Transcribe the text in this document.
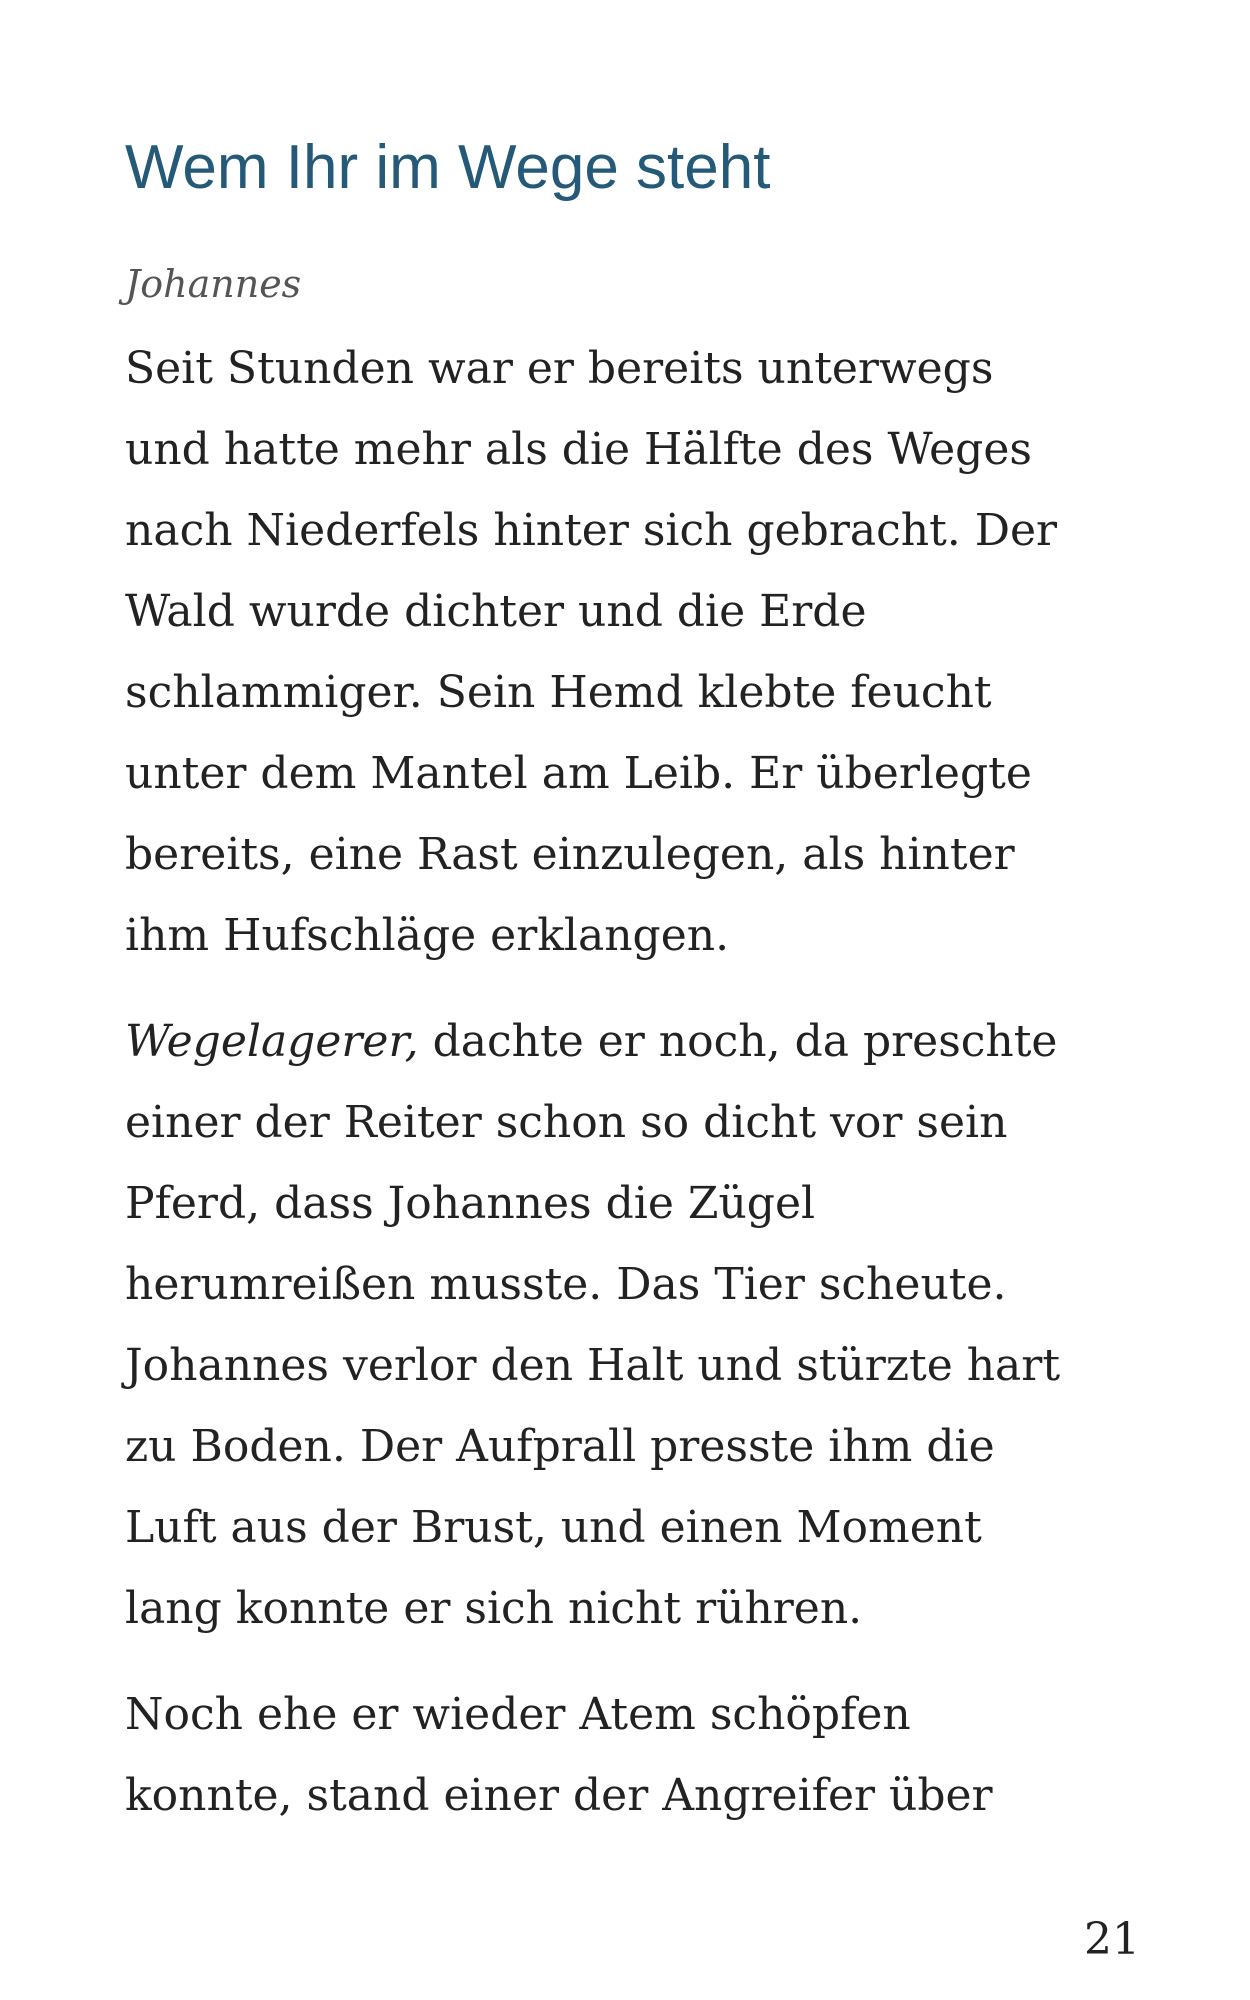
Wem Ihr im Wege steht

Johannes

Seit Stunden war er bereits unterwegs
und hatte mehr als die Hälfte des Weges
nach Niederfels hinter sich gebracht. Der
Wald wurde dichter und die Erde
schlammiger. Sein Hemd klebte feucht
unter dem Mantel am Leib. Er überlegte
bereits, eine Rast einzulegen, als hinter
ihm Hufschläge erklangen.
Wegelagerer, dachte er noch, da preschte
einer der Reiter schon so dicht vor sein
Pferd, dass Johannes die Zügel
herumreißen musste. Das Tier scheute.
Johannes verlor den Halt und stürzte hart
zu Boden. Der Aufprall presste ihm die
Luft aus der Brust, und einen Moment
lang konnte er sich nicht rühren.
Noch ehe er wieder Atem schöpfen
konnte, stand einer der Angreifer über
21
